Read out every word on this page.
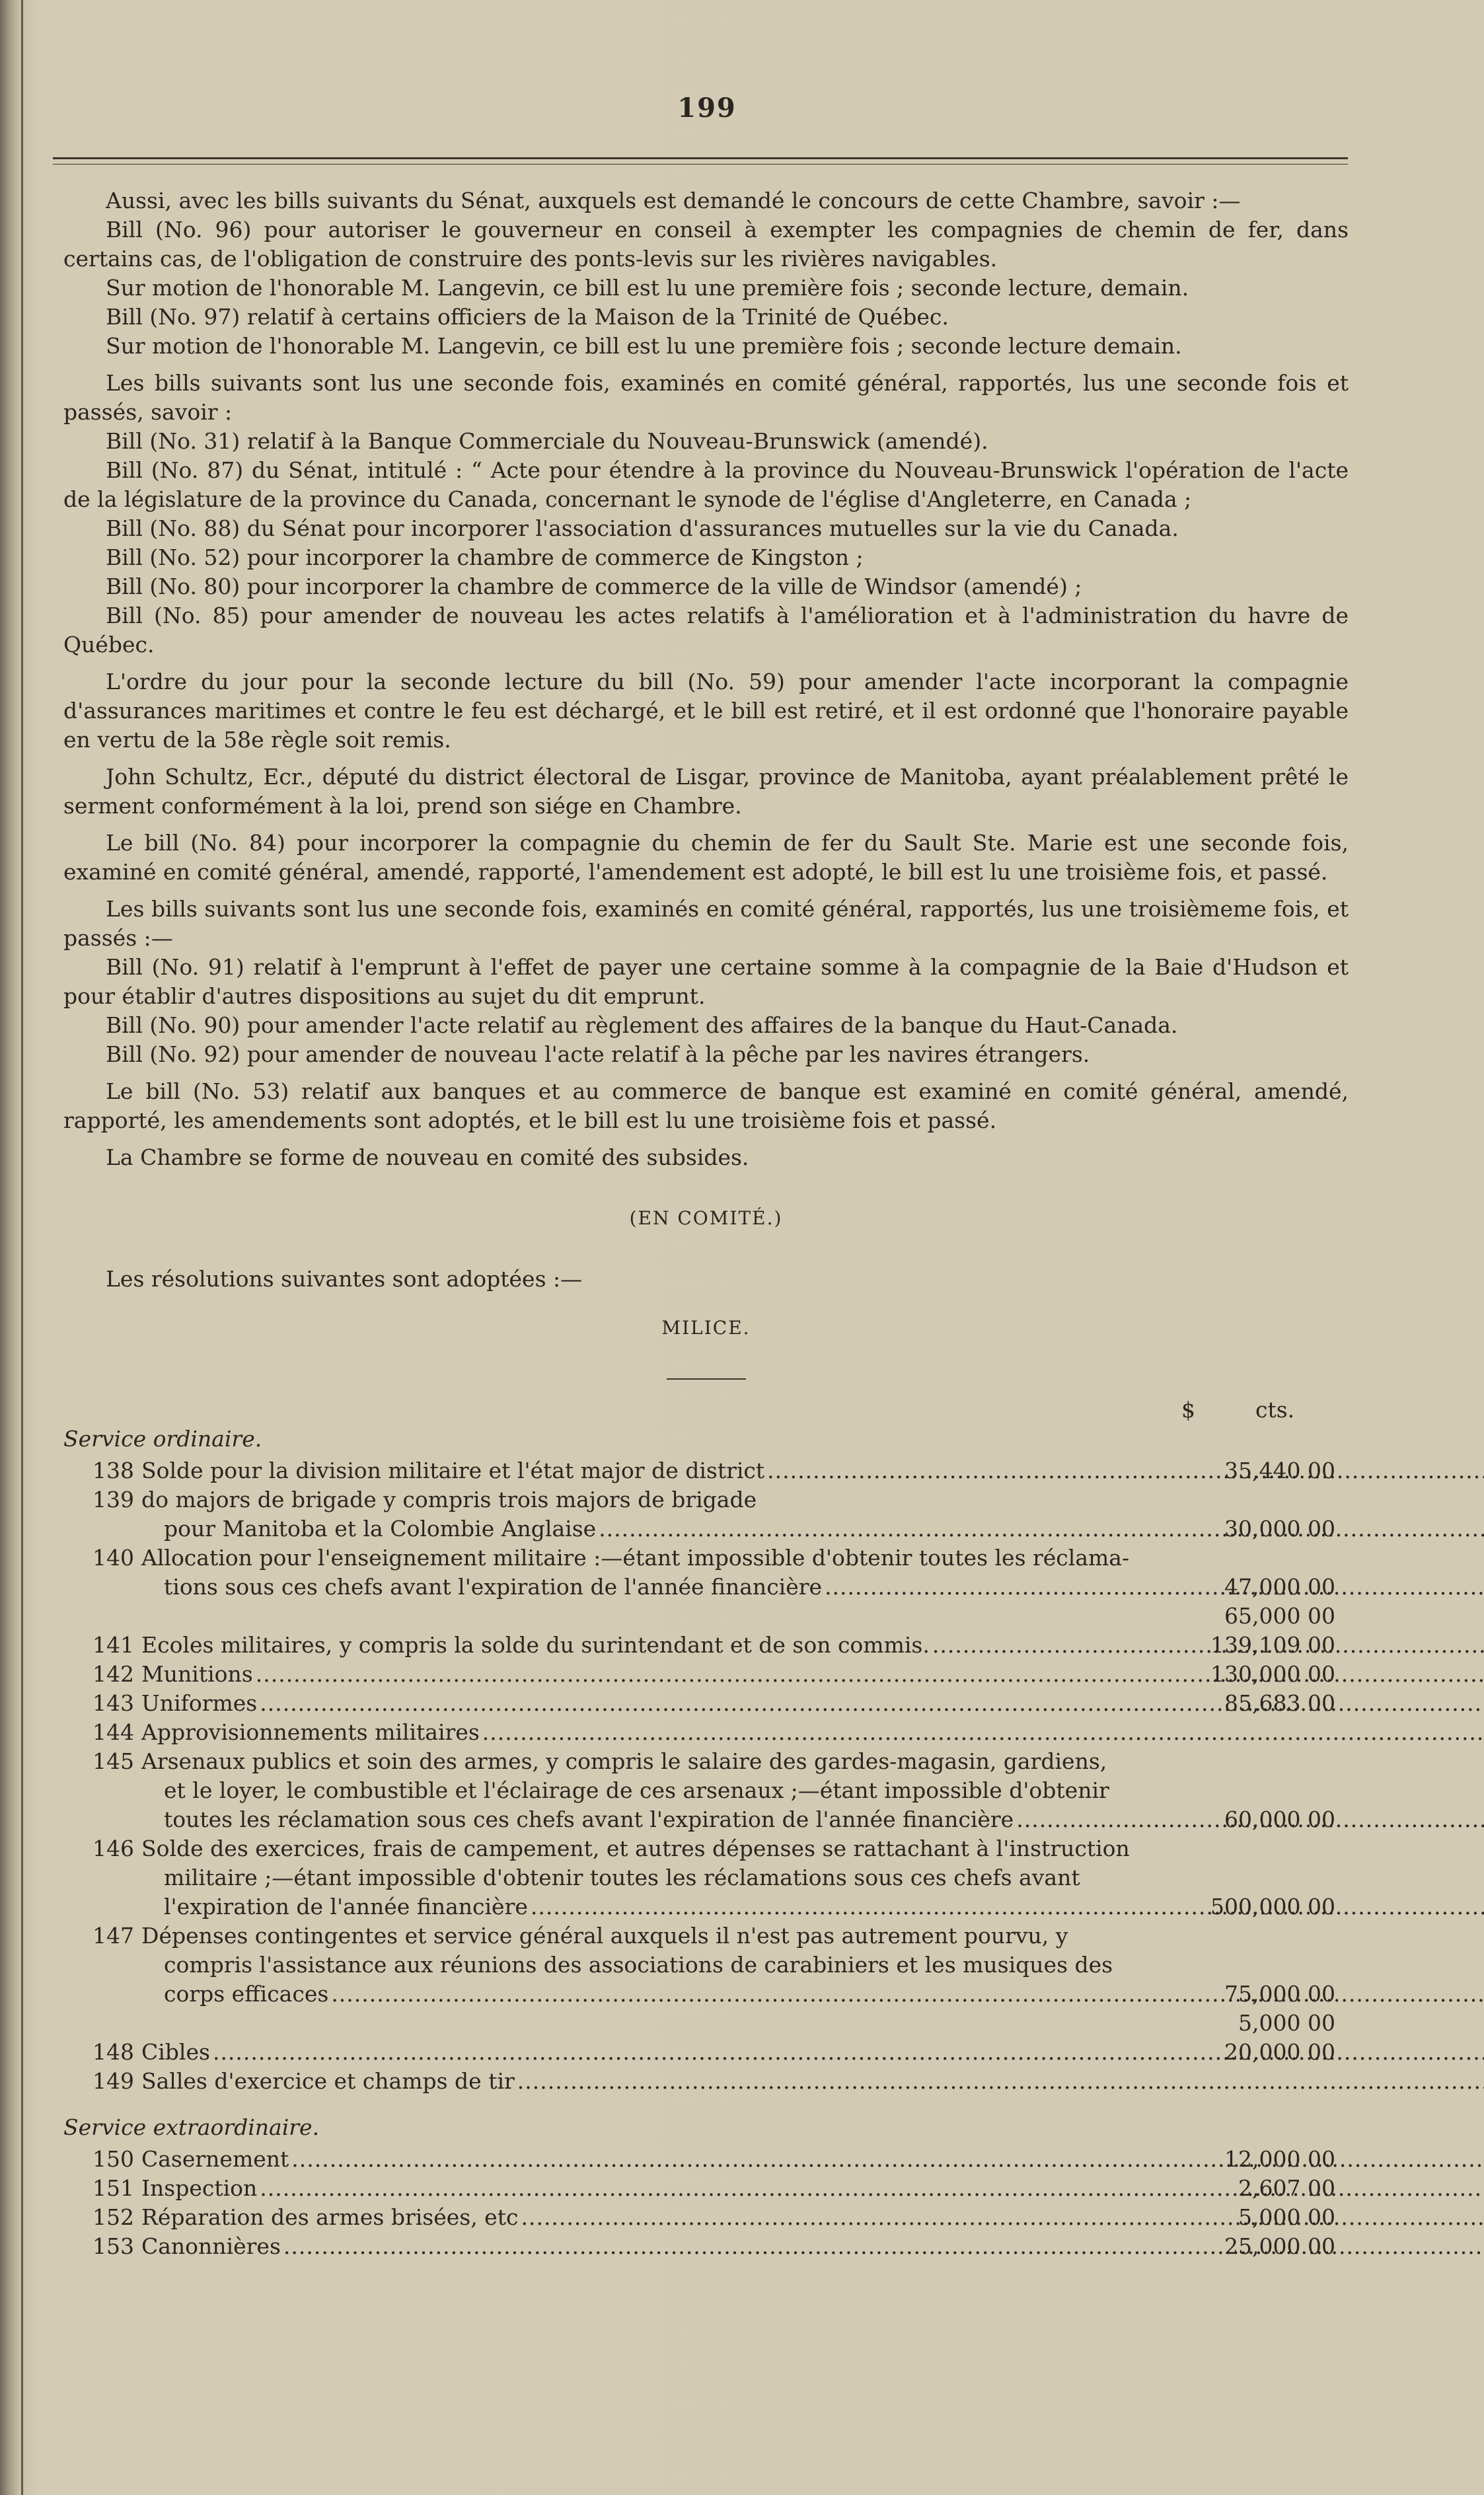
199

Aussi, avec les bills suivants du Sénat, auxquels est demandé le concours de cette Chambre, savoir :—

Bill (No. 96) pour autoriser le gouverneur en conseil à exempter les compagnies de chemin de fer, dans certains cas, de l'obligation de construire des ponts-levis sur les rivières navigables.

Sur motion de l'honorable M. Langevin, ce bill est lu une première fois ; seconde lecture, demain.

Bill (No. 97) relatif à certains officiers de la Maison de la Trinité de Québec.

Sur motion de l'honorable M. Langevin, ce bill est lu une première fois ; seconde lecture demain.

Les bills suivants sont lus une seconde fois, examinés en comité général, rapportés, lus une seconde fois et passés, savoir :

Bill (No. 31) relatif à la Banque Commerciale du Nouveau-Brunswick (amendé).

Bill (No. 87) du Sénat, intitulé : “ Acte pour étendre à la province du Nouveau-Brunswick l'opération de l'acte de la législature de la province du Canada, concernant le synode de l'église d'Angleterre, en Canada ;

Bill (No. 88) du Sénat pour incorporer l'association d'assurances mutuelles sur la vie du Canada.

Bill (No. 52) pour incorporer la chambre de commerce de Kingston ;

Bill (No. 80) pour incorporer la chambre de commerce de la ville de Windsor (amendé) ;

Bill (No. 85) pour amender de nouveau les actes relatifs à l'amélioration et à l'administration du havre de Québec.

L'ordre du jour pour la seconde lecture du bill (No. 59) pour amender l'acte incorporant la compagnie d'assurances maritimes et contre le feu est déchargé, et le bill est retiré, et il est ordonné que l'honoraire payable en vertu de la 58e règle soit remis.

John Schultz, Ecr., député du district électoral de Lisgar, province de Manitoba, ayant préalablement prêté le serment conformément à la loi, prend son siége en Chambre.

Le bill (No. 84) pour incorporer la compagnie du chemin de fer du Sault Ste. Marie est une seconde fois, examiné en comité général, amendé, rapporté, l'amendement est adopté, le bill est lu une troisième fois, et passé.

Les bills suivants sont lus une seconde fois, examinés en comité général, rapportés, lus une troisièmeme fois, et passés :—

Bill (No. 91) relatif à l'emprunt à l'effet de payer une certaine somme à la compagnie de la Baie d'Hudson et pour établir d'autres dispositions au sujet du dit emprunt.

Bill (No. 90) pour amender l'acte relatif au règlement des affaires de la banque du Haut-Canada.

Bill (No. 92) pour amender de nouveau l'acte relatif à la pêche par les navires étrangers.

Le bill (No. 53) relatif aux banques et au commerce de banque est examiné en comité général, amendé, rapporté, les amendements sont adoptés, et le bill est lu une troisième fois et passé.

La Chambre se forme de nouveau en comité des subsides.

(EN COMITÉ.)

Les résolutions suivantes sont adoptées :—

MILICE.

$	cts.

Service ordinaire.

138 Solde pour la division militaire et l'état major de district .....	35,440 00
139 do majors de brigade y compris trois majors de brigade
pour Manitoba et la Colombie Anglaise .....	30,000 00
140 Allocation pour l'enseignement militaire :—étant impossible d'obtenir toutes les réclama-
tions sous ces chefs avant l'expiration de l'année financière .....	47,000 00

65,000 00
141 Ecoles militaires, y compris la solde du surintendant et de son commis. .....	139,109 00
142 Munitions .....	130,000 00
143 Uniformes .....	85,683 00
144 Approvisionnements militaires .....
145 Arsenaux publics et soin des armes, y compris le salaire des gardes-magasin, gardiens,
et le loyer, le combustible et l'éclairage de ces arsenaux ;—étant impossible d'obtenir
toutes les réclamation sous ces chefs avant l'expiration de l'année financière .....	60,000 00
146 Solde des exercices, frais de campement, et autres dépenses se rattachant à l'instruction
militaire ;—étant impossible d'obtenir toutes les réclamations sous ces chefs avant
l'expiration de l'année financière .....	500,000 00
147 Dépenses contingentes et service général auxquels il n'est pas autrement pourvu, y
compris l'assistance aux réunions des associations de carabiniers et les musiques des
corps efficaces .....	75,000 00

5,000 00
148 Cibles .....	20,000 00
149 Salles d'exercice et champs de tir .....

Service extraordinaire.

150 Casernement .....	12,000 00
151 Inspection .....	2,607 00
152 Réparation des armes brisées, etc .....	5,000 00
153 Canonnières .....	25,000 00
